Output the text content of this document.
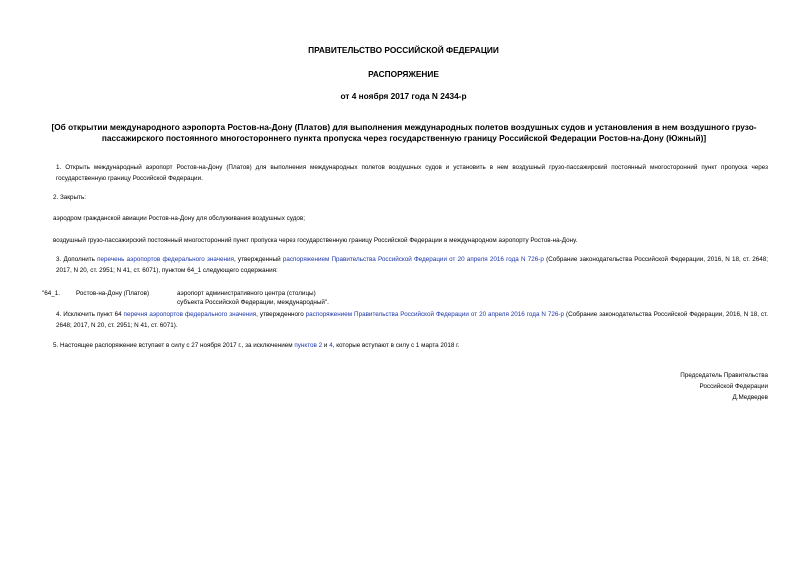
ПРАВИТЕЛЬСТВО РОССИЙСКОЙ ФЕДЕРАЦИИ
РАСПОРЯЖЕНИЕ
от 4 ноября 2017 года N 2434-р
[Об открытии международного аэропорта Ростов-на-Дону (Платов) для выполнения международных полетов воздушных судов и установления в нем воздушного грузо-пассажирского постоянного многостороннего пункта пропуска через государственную границу Российской Федерации Ростов-на-Дону (Южный)]
1. Открыть международный аэропорт Ростов-на-Дону (Платов) для выполнения международных полетов воздушных судов и установить в нем воздушный грузо-пассажирский постоянный многосторонний пункт пропуска через государственную границу Российской Федерации.
2. Закрыть:
аэродром гражданской авиации Ростов-на-Дону для обслуживания воздушных судов;
воздушный грузо-пассажирский постоянный многосторонний пункт пропуска через государственную границу Российской Федерации в международном аэропорту Ростов-на-Дону.
3. Дополнить перечень аэропортов федерального значения, утвержденный распоряжением Правительства Российской Федерации от 20 апреля 2016 года N 726-р (Собрание законодательства Российской Федерации, 2016, N 18, ст. 2648; 2017, N 20, ст. 2951; N 41, ст. 6071), пунктом 64_1 следующего содержания:
"64_1.	Ростов-на-Дону (Платов)	аэропорт административного центра (столицы)
субъекта Российской Федерации, международный".
4. Исключить пункт 64 перечня аэропортов федерального значения, утвержденного распоряжением Правительства Российской Федерации от 20 апреля 2016 года N 726-р (Собрание законодательства Российской Федерации, 2016, N 18, ст. 2648; 2017, N 20, ст. 2951; N 41, ст. 6071).
5. Настоящее распоряжение вступает в силу с 27 ноября 2017 г., за исключением пунктов 2 и 4, которые вступают в силу с 1 марта 2018 г.
Председатель Правительства
Российской Федерации
Д.Медведев
